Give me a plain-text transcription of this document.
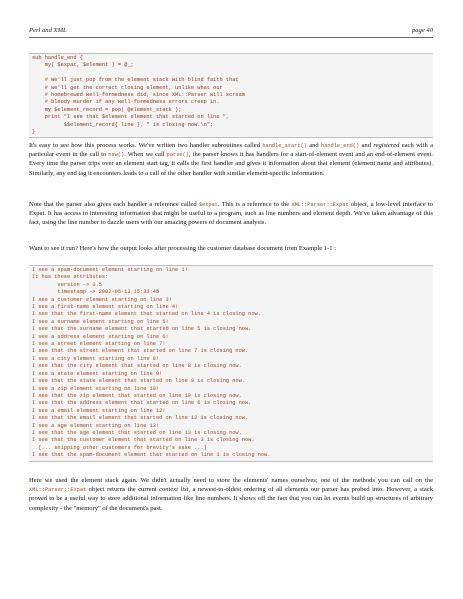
Perl and XML	page 40
sub handle_end {
my( $expat, $element ) = @_;

# We'll just pop from the element stack with blind faith that
# we'll get the correct closing element, unlike what our
# homebrewed well-formedness did, since XML::Parser will scream
# bloody murder if any well-formedness errors creep in.
my $element_record = pop( @element_stack );
print "I see that $element element that started on line ",
$$element_record{ line }, " is closing now.\n";
}

It's easy to see how this process works. We've written two handler subroutines called handle_start() and handle_end() and registered each with a particular event in the call to new(). When we call parse(), the parser knows it has handlers for a start-of-element event and an end-of-element event. Every time the parser trips over an element start tag, it calls the first handler and gives it information about that element (element name and attributes). Similarly, any end tag it encounters leads to a call of the other handler with similar element-specific information.

Note that the parser also gives each handler a reference called $expat. This is a reference to the XML::Parser::Expat object, a low-level interface to Expat. It has access to interesting information that might be useful to a program, such as line numbers and element depth. We've taken advantage of this fact, using the line number to dazzle users with our amazing powers of document analysis.

Want to see it run? Here's how the output looks after processing the customer database document from Example 1-1 :

I see a spam-document element starting on line 1!
It has these attributes:
version -> 3.5
timestamp -> 2002-05-13 15:33:45
I see a customer element starting on line 3!
I see a first-name element starting on line 4!
I see that the first-name element that started on line 4 is closing now.
I see a surname element starting on line 5!
I see that the surname element that started on line 5 is closing now.
I see a address element starting on line 6!
I see a street element starting on line 7!
I see that the street element that started on line 7 is closing now.
I see a city element starting on line 8!
I see that the city element that started on line 8 is closing now.
I see a state element starting on line 9!
I see that the state element that started on line 9 is closing now.
I see a zip element starting on line 10!
I see that the zip element that started on line 10 is closing now.
I see that the address element that started on line 6 is closing now.
I see a email element starting on line 12!
I see that the email element that started on line 12 is closing now.
I see a age element starting on line 13!
I see that the age element that started on line 13 is closing now.
I see that the customer element that started on line 3 is closing now.
[... snipping other customers for brevity's sake ...]
I see that the spam-document element that started on line 1 is closing now.

Here we used the element stack again. We didn't actually need to store the elements' names ourselves; one of the methods you can call on the XML::Parser::Expat object returns the current context list, a newest-to-oldest ordering of all elements our parser has probed into. However, a stack proved to be a useful way to store additional information like line numbers. It shows off the fact that you can let events build up structures of arbitrary complexity - the "memory" of the document's past.
